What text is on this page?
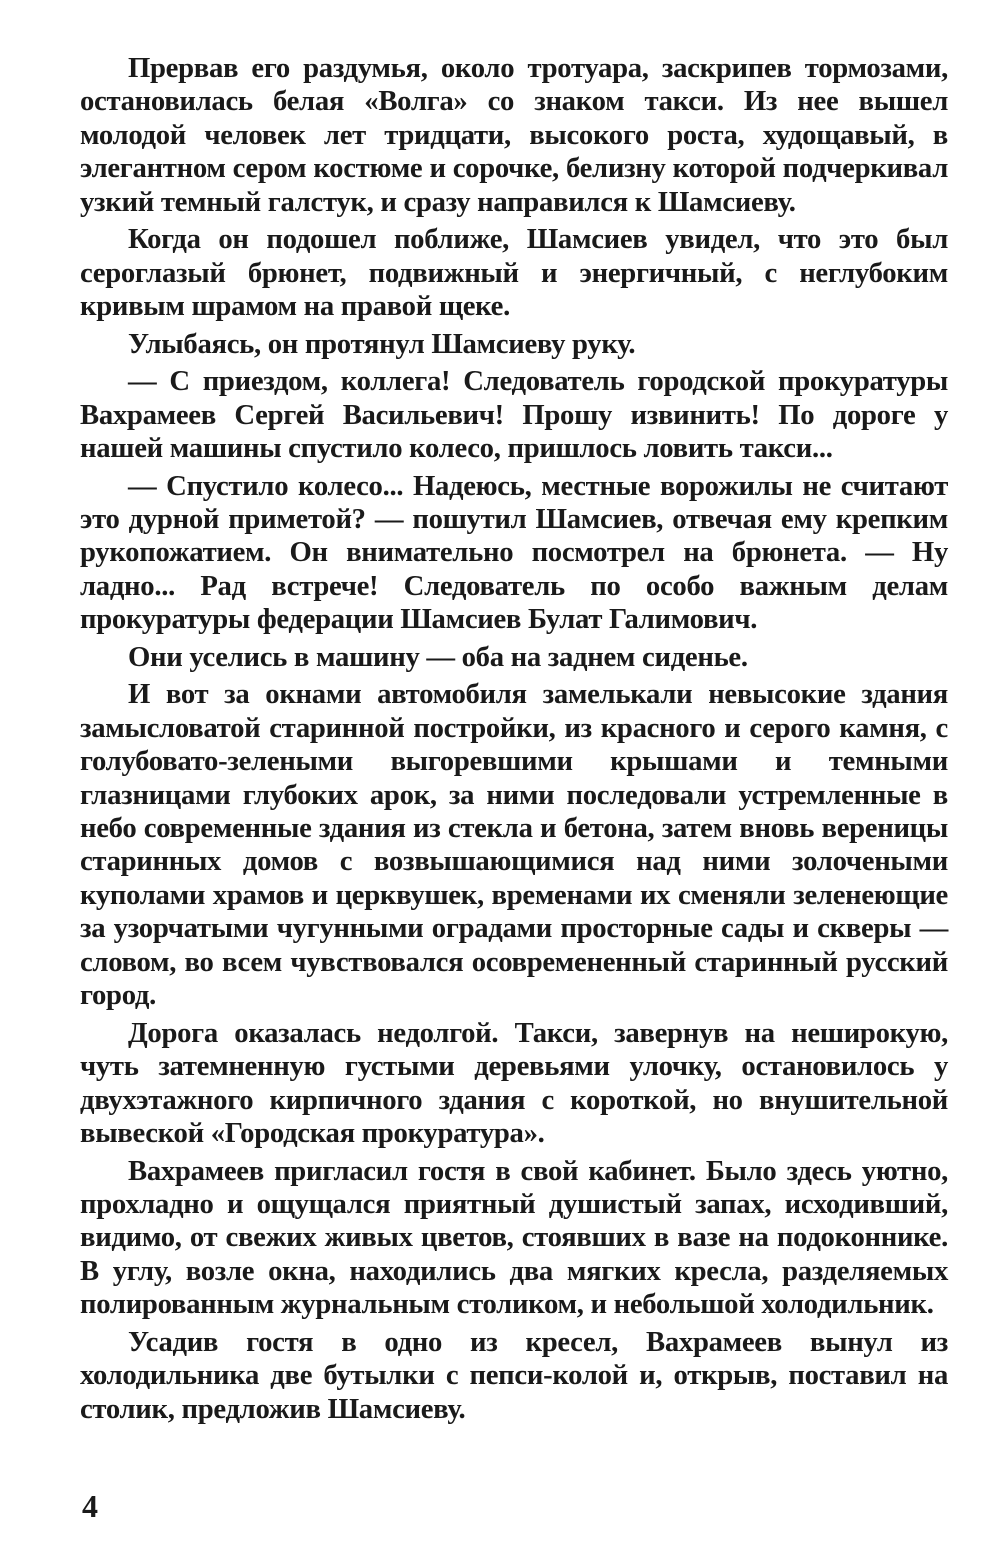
Прервав его раздумья, около тротуара, заскрипев тормозами, остановилась белая «Волга» со знаком такси. Из нее вышел молодой человек лет тридцати, высокого роста, худощавый, в элегантном сером костюме и сорочке, белизну которой подчеркивал узкий темный галстук, и сразу направился к Шамсиеву.

Когда он подошел поближе, Шамсиев увидел, что это был сероглазый брюнет, подвижный и энергичный, с неглубоким кривым шрамом на правой щеке.

Улыбаясь, он протянул Шамсиеву руку.

— С приездом, коллега! Следователь городской прокуратуры Вахрамеев Сергей Васильевич! Прошу извинить! По дороге у нашей машины спустило колесо, пришлось ловить такси...

— Спустило колесо... Надеюсь, местные ворожилы не считают это дурной приметой? — пошутил Шамсиев, отвечая ему крепким рукопожатием. Он внимательно посмотрел на брюнета. — Ну ладно... Рад встрече! Следователь по особо важным делам прокуратуры федерации Шамсиев Булат Галимович.

Они уселись в машину — оба на заднем сиденье.

И вот за окнами автомобиля замелькали невысокие здания замысловатой старинной постройки, из красного и серого камня, с голубовато-зелеными выгоревшими крышами и темными глазницами глубоких арок, за ними последовали устремленные в небо современные здания из стекла и бетона, затем вновь вереницы старинных домов с возвышающимися над ними золочеными куполами храмов и церквушек, временами их сменяли зеленеющие за узорчатыми чугунными оградами просторные сады и скверы — словом, во всем чувствовался осовремененный старинный русский город.

Дорога оказалась недолгой. Такси, завернув на неширокую, чуть затемненную густыми деревьями улочку, остановилось у двухэтажного кирпичного здания с короткой, но внушительной вывеской «Городская прокуратура».

Вахрамеев пригласил гостя в свой кабинет. Было здесь уютно, прохладно и ощущался приятный душистый запах, исходивший, видимо, от свежих живых цветов, стоявших в вазе на подоконнике. В углу, возле окна, находились два мягких кресла, разделяемых полированным журнальным столиком, и небольшой холодильник.

Усадив гостя в одно из кресел, Вахрамеев вынул из холодильника две бутылки с пепси-колой и, открыв, поставил на столик, предложив Шамсиеву.

4
